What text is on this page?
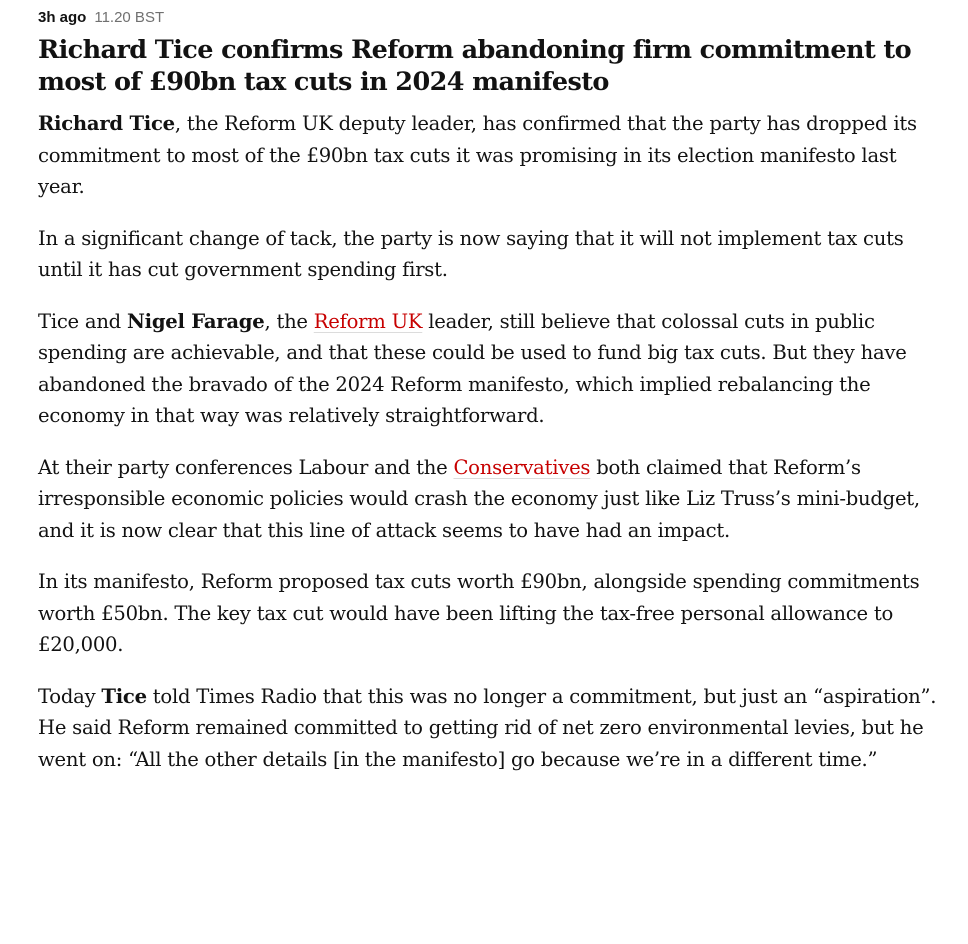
3h ago 11.20 BST
Richard Tice confirms Reform abandoning firm commitment to most of £90bn tax cuts in 2024 manifesto

Richard Tice, the Reform UK deputy leader, has confirmed that the party has dropped its commitment to most of the £90bn tax cuts it was promising in its election manifesto last year.

In a significant change of tack, the party is now saying that it will not implement tax cuts until it has cut government spending first.

Tice and Nigel Farage, the Reform UK leader, still believe that colossal cuts in public spending are achievable, and that these could be used to fund big tax cuts. But they have abandoned the bravado of the 2024 Reform manifesto, which implied rebalancing the economy in that way was relatively straightforward.

At their party conferences Labour and the Conservatives both claimed that Reform’s irresponsible economic policies would crash the economy just like Liz Truss’s mini-budget, and it is now clear that this line of attack seems to have had an impact.

In its manifesto, Reform proposed tax cuts worth £90bn, alongside spending commitments worth £50bn. The key tax cut would have been lifting the tax-free personal allowance to £20,000.

Today Tice told Times Radio that this was no longer a commitment, but just an “aspiration”. He said Reform remained committed to getting rid of net zero environmental levies, but he went on: “All the other details [in the manifesto] go because we’re in a different time.”
